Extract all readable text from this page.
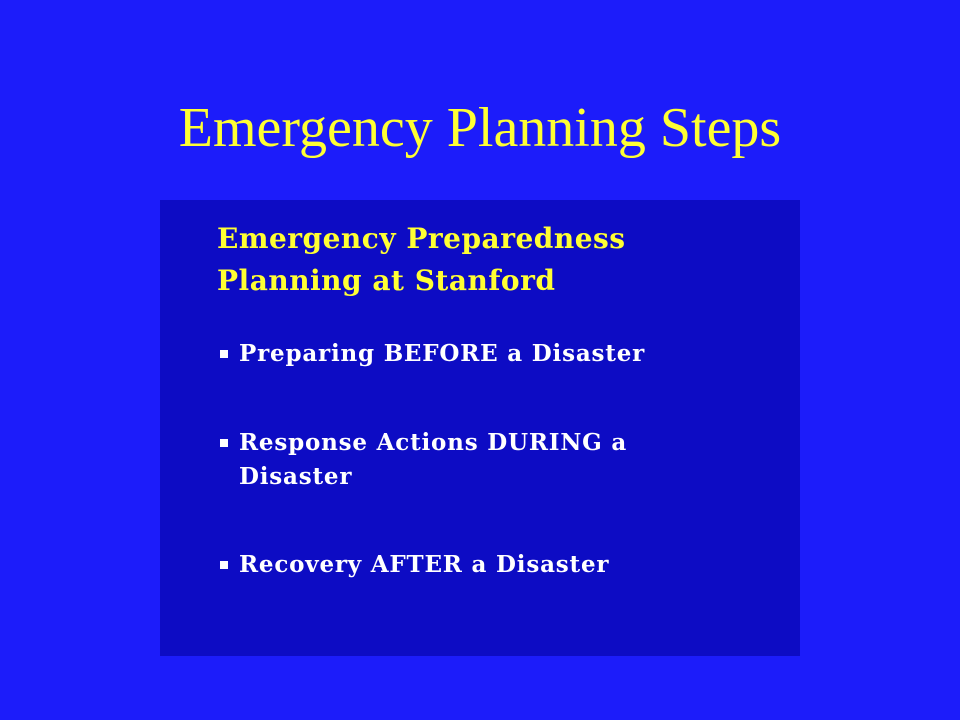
Emergency Planning Steps
Emergency Preparedness
Planning at Stanford
Preparing BEFORE a Disaster
Response Actions DURING a
Disaster
Recovery AFTER a Disaster
